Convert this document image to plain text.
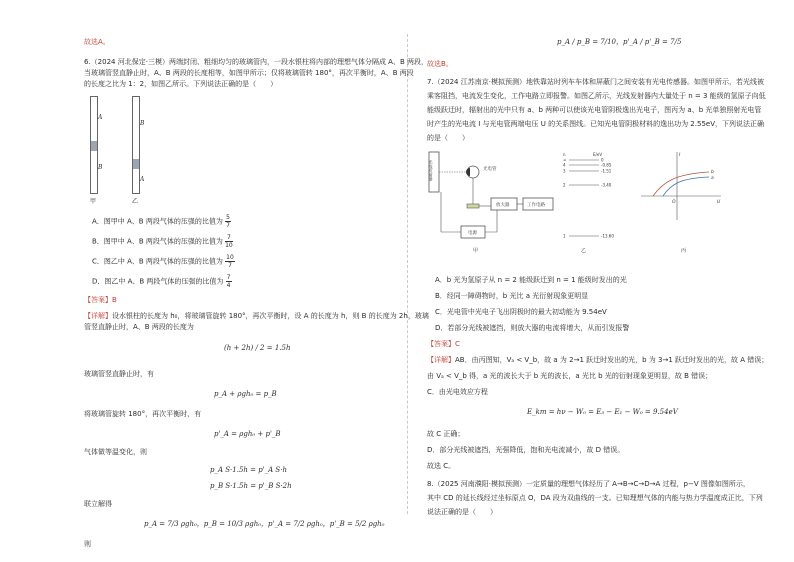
故选A。
6.（2024 河北保定·三模）两端封闭、粗细均匀的玻璃管内，一段水银柱将内部的理想气体分隔成 A、B 两段，
当玻璃管竖直静止时，A、B 两段的长度相等，如图甲所示；仅将玻璃管转 180°，再次平衡时，A、B 两段
的长度之比为 1：2，如图乙所示。下列说法正确的是（　　）
A
B
甲
B
A
乙
A．图甲中 A、B 两段气体的压强的比值为 $\frac{5}{7}$
B．图甲中 A、B 两段气体的压强的比值为 $\frac{7}{10}$
C．图乙中 A、B 两段气体的压强的比值为 $\frac{10}{7}$
D．图乙中 A、B 两段气体的压强的比值为 $\frac{7}{4}$
【答案】B
【详解】设水银柱的长度为 h₀，将玻璃管旋转 180°，再次平衡时，设 A 的长度为 h，则 B 的长度为 2h，玻璃
管竖直静止时，A、B 两段的长度为
(h + 2h) / 2 = 1.5h
玻璃管竖直静止时，有
p_A + ρgh₀ = p_B
将玻璃管旋转 180°，再次平衡时，有
p'_A = ρgh₀ + p'_B
气体做等温变化，则
p_A S·1.5h = p'_A S·h
p_B S·1.5h = p'_B S·2h
联立解得
p_A = 7/3 ρgh₀，p_B = 10/3 ρgh₀，p'_A = 7/2 ρgh₀，p'_B = 5/2 ρgh₀
则
p_A / p_B = 7/10，p'_A / p'_B = 7/5
故选B。
7.（2024 江苏南京·模拟预测）地铁靠站时列车车体和屏蔽门之间安装有光电传感器。如图甲所示，若光线被
乘客阻挡，电流发生变化，工作电路立即报警。如图乙所示，光线发射器内大量处于 n = 3 能级的氢原子向低
能级跃迁时，辐射出的光中只有 a、b 两种可以使该光电管阴极逸出光电子，图丙为 a、b 光单独照射光电管
时产生的光电流 I 与光电管两端电压 U 的关系图线。已知光电管阴极材料的逸出功为 2.55eV，下列说法正确
的是（　　）
光线发射器	光电管
放大器	工作电路
电源
甲
n	E/eV
∞	0
4	-0.85
3	-1.51
2	-3.40
1	-13.60
乙
I
U
O
b
a
丙
A．b 光为氢原子从 n = 2 能级跃迁到 n = 1 能级时发出的光
B．经同一障碍物时，b 光比 a 光衍射现象更明显
C．光电管中光电子飞出阴极时的最大初动能为 9.54eV
D．若部分光线被遮挡，则放大器的电流将增大，从而引发报警
【答案】C
【详解】AB．由丙图知，Vₐ < V_b，故 a 为 2→1 跃迁时发出的光，b 为 3→1 跃迁时发出的光，故 A 错误；
由 Vₐ < V_b 得，a 光的波长大于 b 光的波长，a 光比 b 光的衍射现象更明显，故 B 错误；
C．由光电效应方程
E_km = hν − W₀ = E₃ − E₁ − W₀ = 9.54eV
故 C 正确；
D．部分光线被遮挡，光强降低，饱和光电流减小，故 D 错误。
故选 C。
8.（2025 河南濮阳·模拟预测）一定质量的理想气体经历了 A→B→C→D→A 过程，p−V 图像如图所示，
其中 CD 的延长线经过坐标原点 O，DA 段为双曲线的一支。已知理想气体的内能与热力学温度成正比，下列
说法正确的是（　　）
